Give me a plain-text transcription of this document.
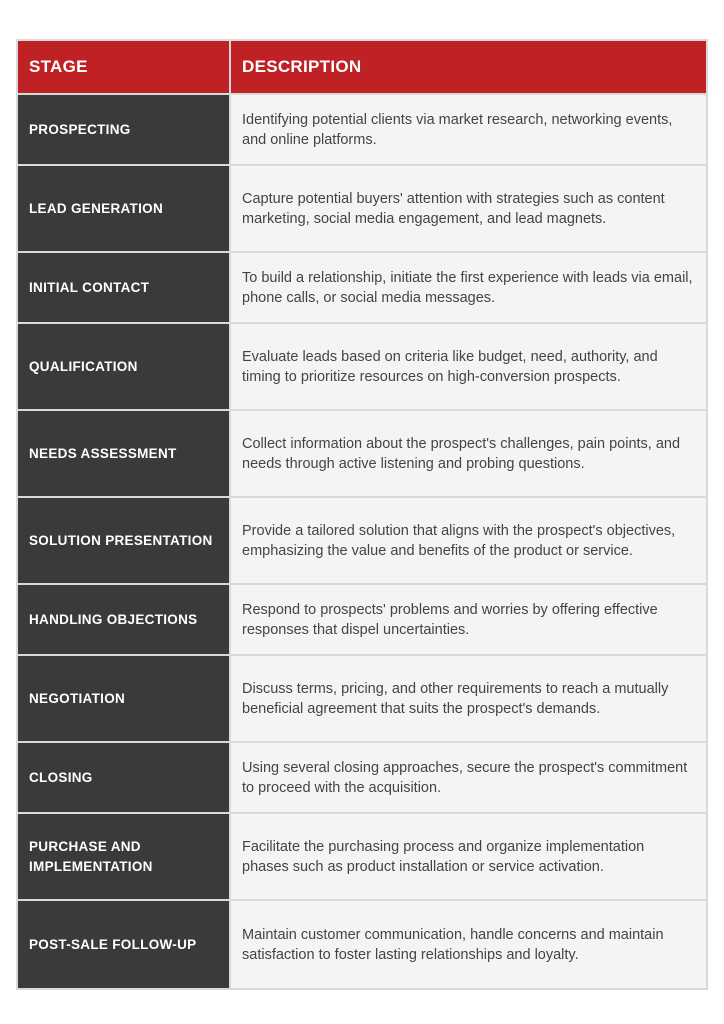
STAGE	DESCRIPTION
PROSPECTING
Identifying potential clients via market research, networking events, and online platforms.
LEAD GENERATION
Capture potential buyers' attention with strategies such as content marketing, social media engagement, and lead magnets.
INITIAL CONTACT
To build a relationship, initiate the first experience with leads via email, phone calls, or social media messages.
QUALIFICATION
Evaluate leads based on criteria like budget, need, authority, and timing to prioritize resources on high-conversion prospects.
NEEDS ASSESSMENT
Collect information about the prospect's challenges, pain points, and needs through active listening and probing questions.
SOLUTION PRESENTATION
Provide a tailored solution that aligns with the prospect's objectives, emphasizing the value and benefits of the product or service.
HANDLING OBJECTIONS
Respond to prospects' problems and worries by offering effective responses that dispel uncertainties.
NEGOTIATION
Discuss terms, pricing, and other requirements to reach a mutually beneficial agreement that suits the prospect's demands.
CLOSING
Using several closing approaches, secure the prospect's commitment to proceed with the acquisition.
PURCHASE AND IMPLEMENTATION
Facilitate the purchasing process and organize implementation phases such as product installation or service activation.
POST-SALE FOLLOW-UP
Maintain customer communication, handle concerns and maintain satisfaction to foster lasting relationships and loyalty.
